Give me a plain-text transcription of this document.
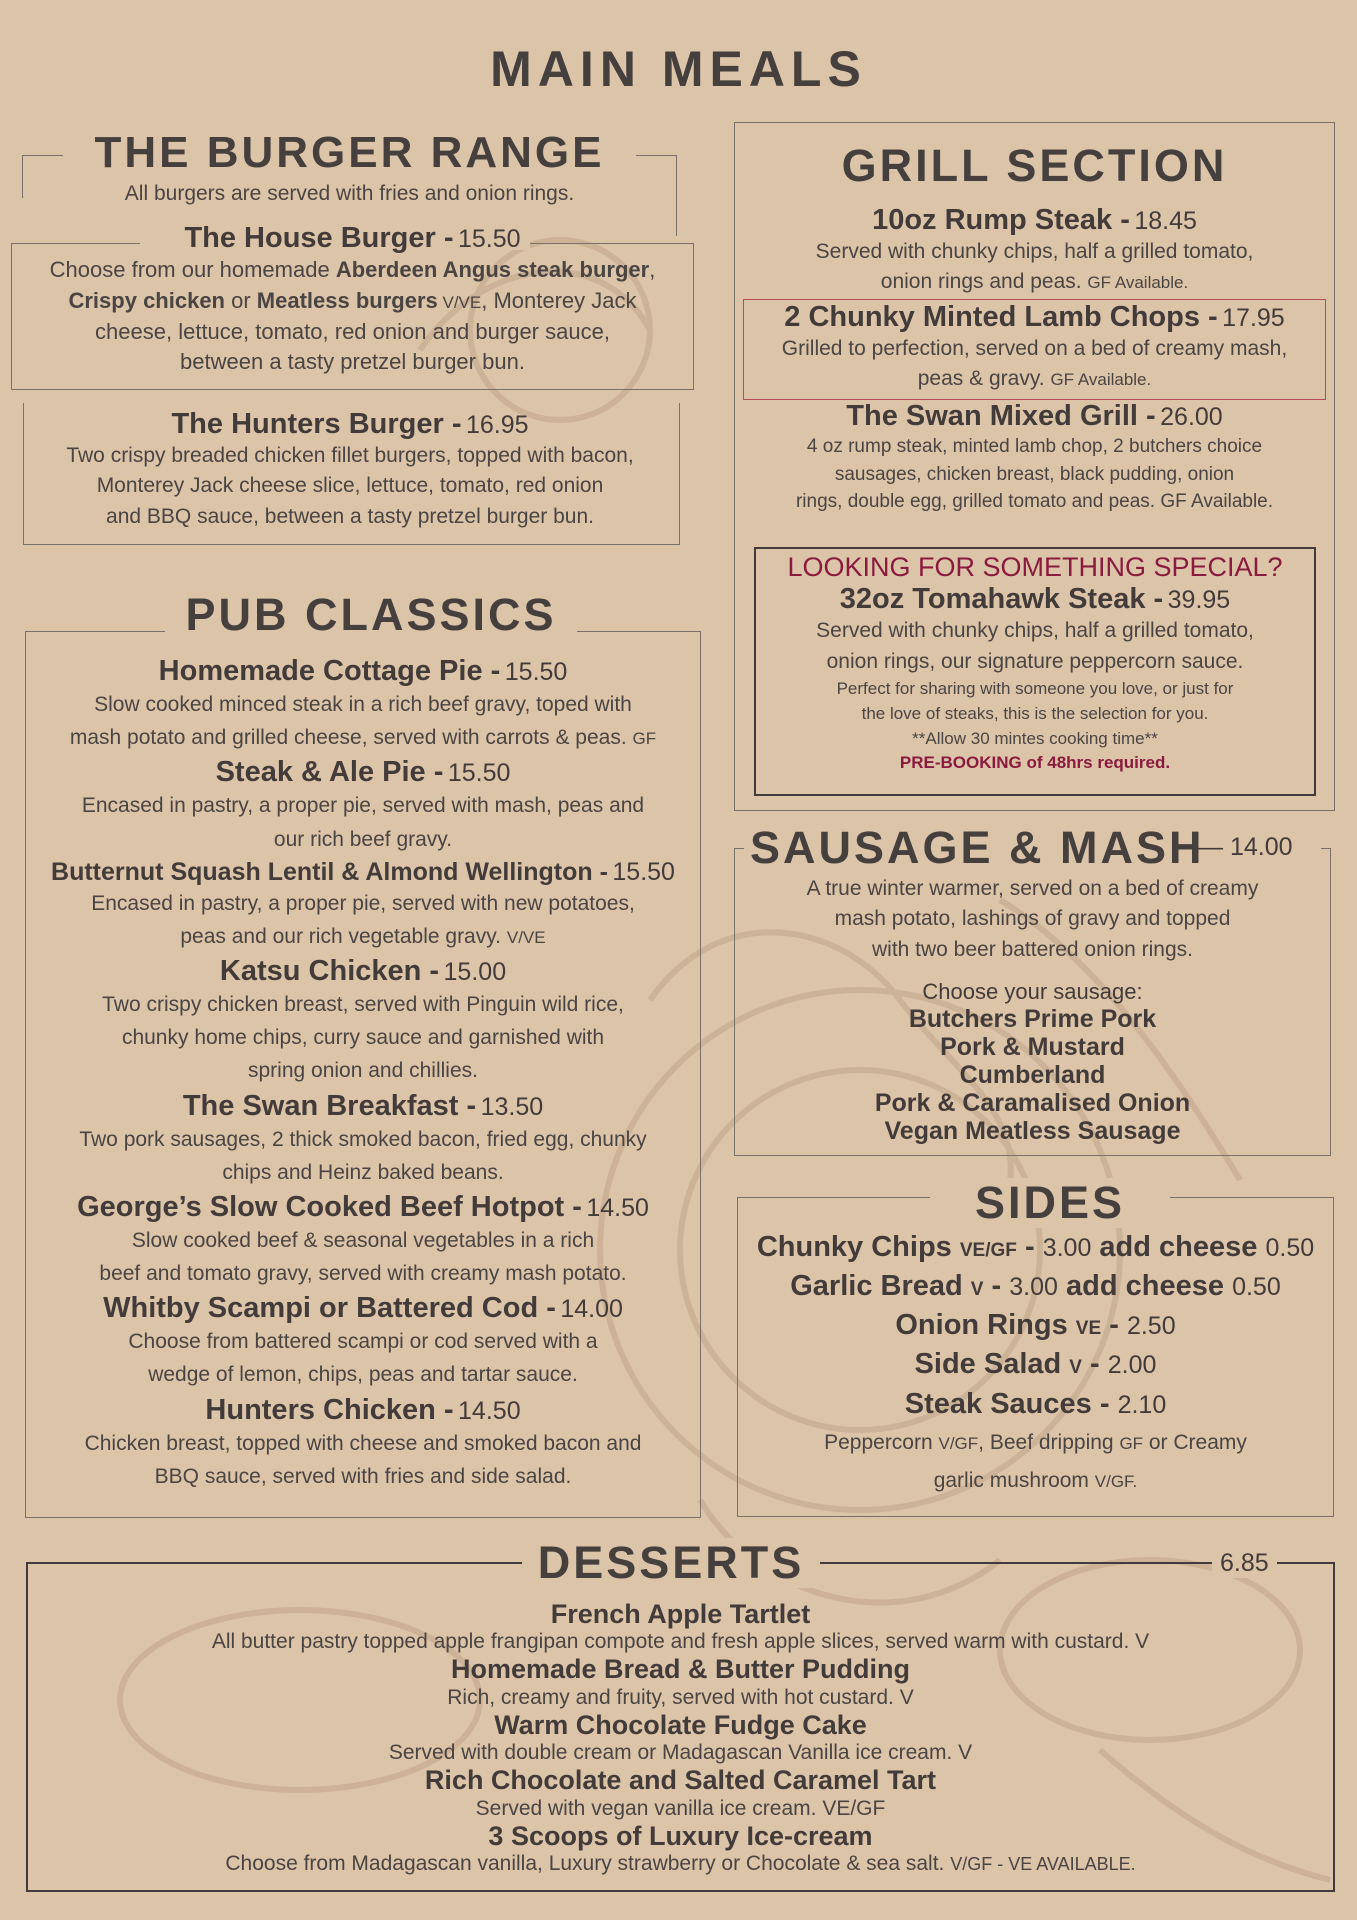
MAIN MEALS
THE BURGER RANGE
All burgers are served with fries and onion rings.
The House Burger - 15.50
Choose from our homemade Aberdeen Angus steak burger,
Crispy chicken or Meatless burgers V/VE, Monterey Jack
cheese, lettuce, tomato, red onion and burger sauce,
between a tasty pretzel burger bun.
The Hunters Burger - 16.95
Two crispy breaded chicken fillet burgers, topped with bacon,
Monterey Jack cheese slice, lettuce, tomato, red onion
and BBQ sauce, between a tasty pretzel burger bun.
PUB CLASSICS
Homemade Cottage Pie - 15.50
Slow cooked minced steak in a rich beef gravy, toped with
mash potato and grilled cheese, served with carrots & peas. GF
Steak & Ale Pie - 15.50
Encased in pastry, a proper pie, served with mash, peas and
our rich beef gravy.
Butternut Squash Lentil & Almond Wellington - 15.50
Encased in pastry, a proper pie, served with new potatoes,
peas and our rich vegetable gravy. V/VE
Katsu Chicken - 15.00
Two crispy chicken breast, served with Pinguin wild rice,
chunky home chips, curry sauce and garnished with
spring onion and chillies.
The Swan Breakfast - 13.50
Two pork sausages, 2 thick smoked bacon, fried egg, chunky
chips and Heinz baked beans.
George’s Slow Cooked Beef Hotpot - 14.50
Slow cooked beef & seasonal vegetables in a rich
beef and tomato gravy, served with creamy mash potato.
Whitby Scampi or Battered Cod - 14.00
Choose from battered scampi or cod served with a
wedge of lemon, chips, peas and tartar sauce.
Hunters Chicken - 14.50
Chicken breast, topped with cheese and smoked bacon and
BBQ sauce, served with fries and side salad.
GRILL SECTION
10oz Rump Steak - 18.45
Served with chunky chips, half a grilled tomato,
onion rings and peas. GF Available.
2 Chunky Minted Lamb Chops - 17.95
Grilled to perfection, served on a bed of creamy mash,
peas & gravy. GF Available.
The Swan Mixed Grill - 26.00
4 oz rump steak, minted lamb chop, 2 butchers choice
sausages, chicken breast, black pudding, onion
rings, double egg, grilled tomato and peas. GF Available.
LOOKING FOR SOMETHING SPECIAL?
32oz Tomahawk Steak - 39.95
Served with chunky chips, half a grilled tomato,
onion rings, our signature peppercorn sauce.
Perfect for sharing with someone you love, or just for
the love of steaks, this is the selection for you.
**Allow 30 mintes cooking time**
PRE-BOOKING of 48hrs required.
SAUSAGE & MASH
— 14.00
A true winter warmer, served on a bed of creamy
mash potato, lashings of gravy and topped
with two beer battered onion rings.
Choose your sausage:
Butchers Prime Pork
Pork & Mustard
Cumberland
Pork & Caramalised Onion
Vegan Meatless Sausage
SIDES
Chunky Chips VE/GF - 3.00 add cheese 0.50
Garlic Bread V - 3.00 add cheese 0.50
Onion Rings VE - 2.50
Side Salad V - 2.00
Steak Sauces - 2.10
Peppercorn V/GF, Beef dripping GF or Creamy
garlic mushroom V/GF.
DESSERTS	6.85
French Apple Tartlet
All butter pastry topped apple frangipan compote and fresh apple slices, served warm with custard. V
Homemade Bread & Butter Pudding
Rich, creamy and fruity, served with hot custard. V
Warm Chocolate Fudge Cake
Served with double cream or Madagascan Vanilla ice cream. V
Rich Chocolate and Salted Caramel Tart
Served with vegan vanilla ice cream. VE/GF
3 Scoops of Luxury Ice-cream
Choose from Madagascan vanilla, Luxury strawberry or Chocolate & sea salt. V/GF - VE AVAILABLE.
